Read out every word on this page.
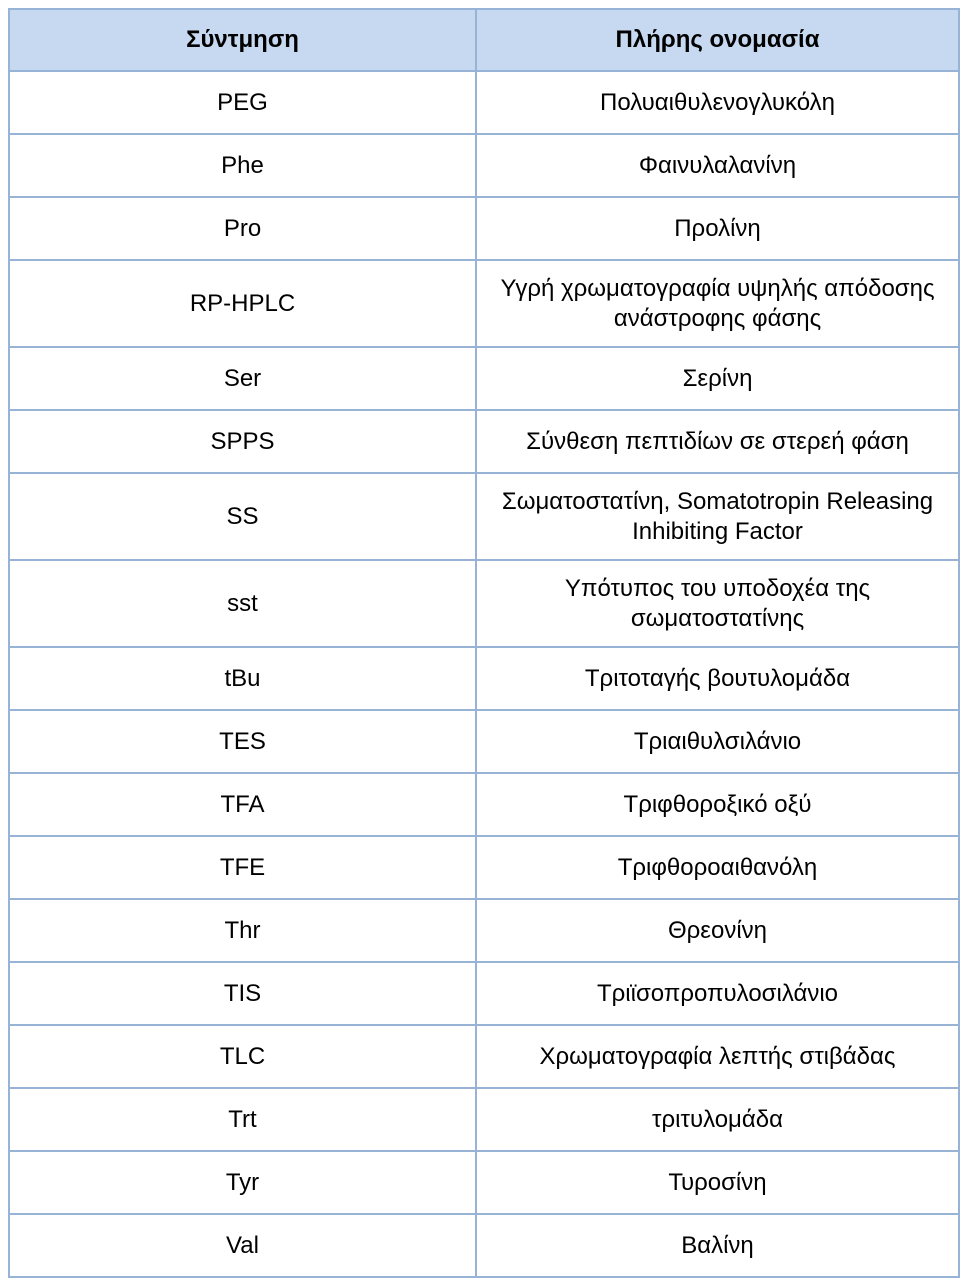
Σύντμηση	Πλήρης ονομασία
PEG	Πολυαιθυλενογλυκόλη
Phe	Φαινυλαλανίνη
Pro	Προλίνη
RP-HPLC	Υγρή χρωματογραφία υψηλής απόδοσης ανάστροφης φάσης
Ser	Σερίνη
SPPS	Σύνθεση πεπτιδίων σε στερεή φάση
SS	Σωματοστατίνη, Somatotropin Releasing Inhibiting Factor
sst	Υπότυπος του υποδοχέα της σωματοστατίνης
tBu	Τριτοταγής βουτυλομάδα
TES	Τριαιθυλσιλάνιο
TFA	Τριφθοροξικό οξύ
TFE	Τριφθοροαιθανόλη
Thr	Θρεονίνη
TIS	Τριϊσοπροπυλοσιλάνιο
TLC	Χρωματογραφία λεπτής στιβάδας
Trt	τριτυλομάδα
Tyr	Τυροσίνη
Val	Βαλίνη
